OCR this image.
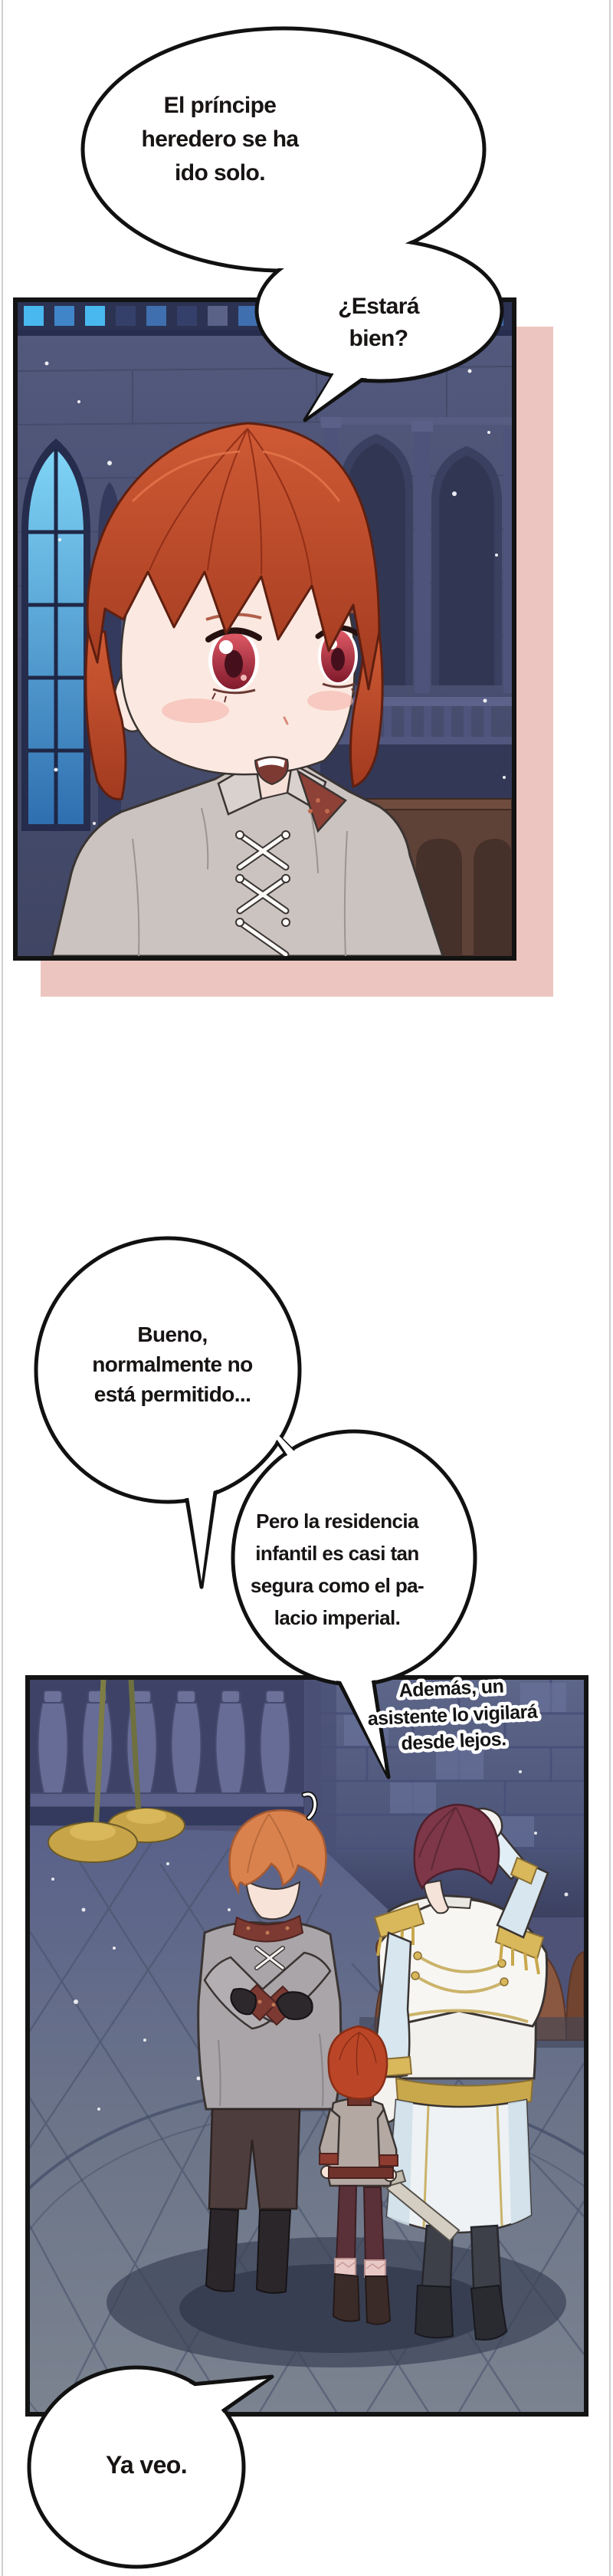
El príncipe
heredero se ha
ido solo.
¿Estará
bien?
Bueno,
normalmente no
está permitido...
Pero la residencia
infantil es casi tan
segura como el pa-
lacio imperial.
Además, un
asistente lo vigilará
desde lejos.
Ya veo.
